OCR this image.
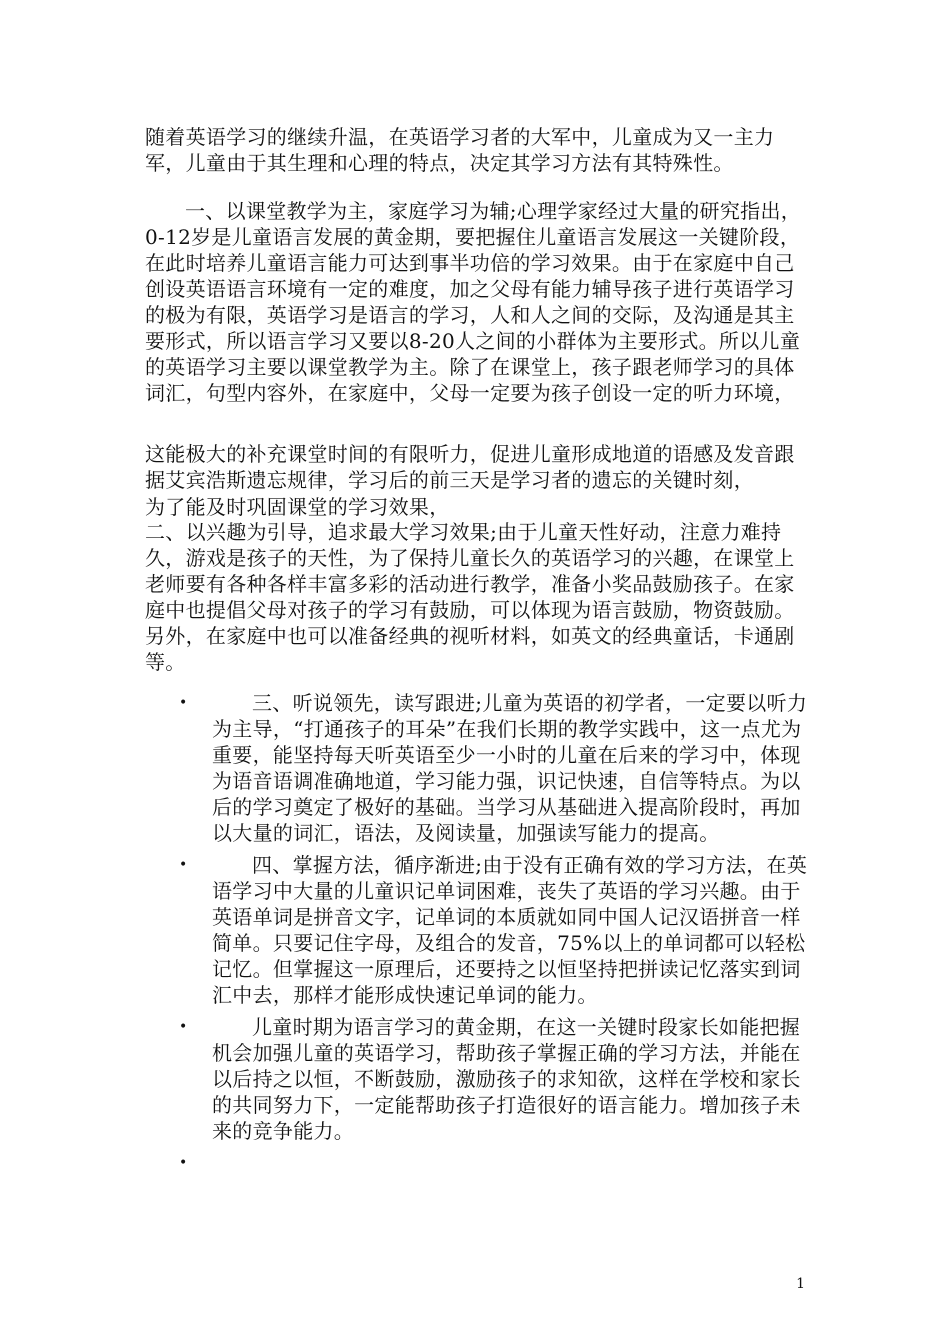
随着英语学习的继续升温，在英语学习者的大军中，儿童成为又一主力军，儿童由于其生理和心理的特点，决定其学习方法有其特殊性。

一、以课堂教学为主，家庭学习为辅;心理学家经过大量的研究指出，0-12岁是儿童语言发展的黄金期，要把握住儿童语言发展这一关键阶段，在此时培养儿童语言能力可达到事半功倍的学习效果。由于在家庭中自己创设英语语言环境有一定的难度，加之父母有能力辅导孩子进行英语学习的极为有限，英语学习是语言的学习，人和人之间的交际，及沟通是其主要形式，所以语言学习又要以8-20人之间的小群体为主要形式。所以儿童的英语学习主要以课堂教学为主。除了在课堂上，孩子跟老师学习的具体词汇，句型内容外，在家庭中，父母一定要为孩子创设一定的听力环境，

这能极大的补充课堂时间的有限听力，促进儿童形成地道的语感及发音跟据艾宾浩斯遗忘规律，学习后的前三天是学习者的遗忘的关键时刻，

为了能及时巩固课堂的学习效果，

二、以兴趣为引导，追求最大学习效果;由于儿童天性好动，注意力难持久，游戏是孩子的天性，为了保持儿童长久的英语学习的兴趣，在课堂上老师要有各种各样丰富多彩的活动进行教学，准备小奖品鼓励孩子。在家庭中也提倡父母对孩子的学习有鼓励，可以体现为语言鼓励，物资鼓励。另外，在家庭中也可以准备经典的视听材料，如英文的经典童话，卡通剧等。

•	三、听说领先，读写跟进;儿童为英语的初学者，一定要以听力为主导，“打通孩子的耳朵”在我们长期的教学实践中，这一点尤为重要，能坚持每天听英语至少一小时的儿童在后来的学习中，体现为语音语调准确地道，学习能力强，识记快速，自信等特点。为以后的学习奠定了极好的基础。当学习从基础进入提高阶段时，再加以大量的词汇，语法，及阅读量，加强读写能力的提高。
•	四、掌握方法，循序渐进;由于没有正确有效的学习方法，在英语学习中大量的儿童识记单词困难，丧失了英语的学习兴趣。由于英语单词是拼音文字，记单词的本质就如同中国人记汉语拼音一样简单。只要记住字母，及组合的发音，75%以上的单词都可以轻松记忆。但掌握这一原理后，还要持之以恒坚持把拼读记忆落实到词汇中去，那样才能形成快速记单词的能力。
•	儿童时期为语言学习的黄金期，在这一关键时段家长如能把握机会加强儿童的英语学习，帮助孩子掌握正确的学习方法，并能在以后持之以恒，不断鼓励，激励孩子的求知欲，这样在学校和家长的共同努力下，一定能帮助孩子打造很好的语言能力。增加孩子未来的竞争能力。
•
1
